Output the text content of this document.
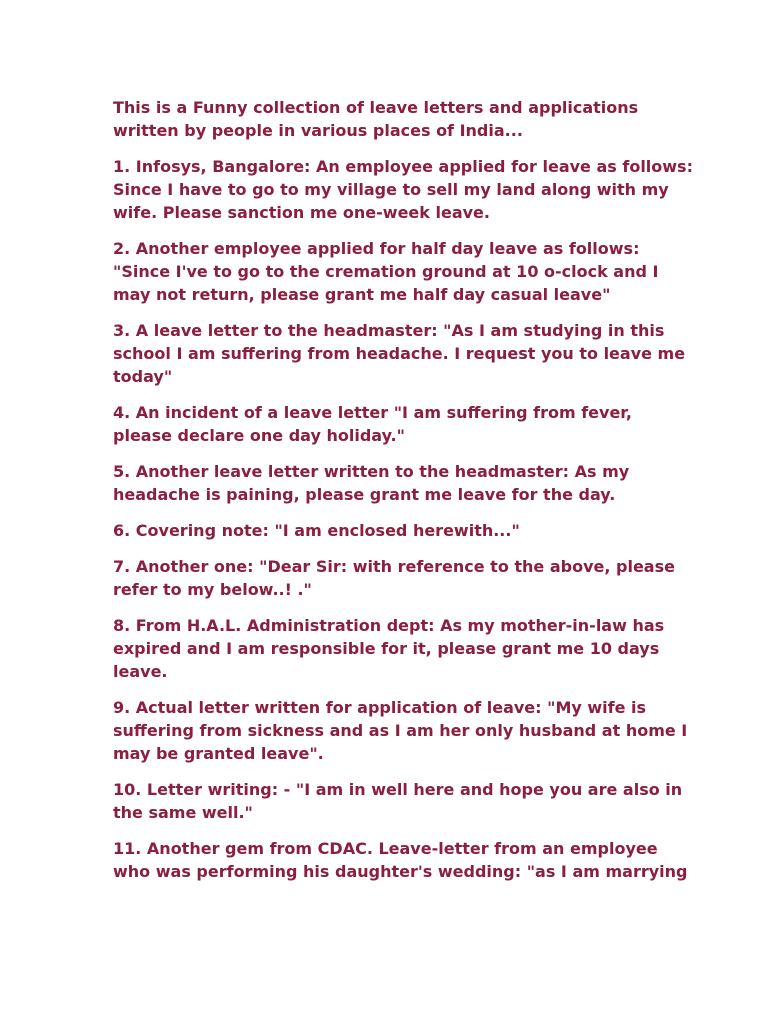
This is a Funny collection of leave letters and applications
written by people in various places of India...
1. Infosys, Bangalore: An employee applied for leave as follows:
Since I have to go to my village to sell my land along with my
wife. Please sanction me one-week leave.
2. Another employee applied for half day leave as follows:
"Since I've to go to the cremation ground at 10 o-clock and I
may not return, please grant me half day casual leave"
3. A leave letter to the headmaster: "As I am studying in this
school I am suffering from headache. I request you to leave me
today"
4. An incident of a leave letter "I am suffering from fever,
please declare one day holiday."
5. Another leave letter written to the headmaster: As my
headache is paining, please grant me leave for the day.
6. Covering note: "I am enclosed herewith..."
7. Another one: "Dear Sir: with reference to the above, please
refer to my below..! ."
8. From H.A.L. Administration dept: As my mother-in-law has
expired and I am responsible for it, please grant me 10 days
leave.
9. Actual letter written for application of leave: "My wife is
suffering from sickness and as I am her only husband at home I
may be granted leave".
10. Letter writing: - "I am in well here and hope you are also in
the same well."
11. Another gem from CDAC. Leave-letter from an employee
who was performing his daughter's wedding: "as I am marrying
